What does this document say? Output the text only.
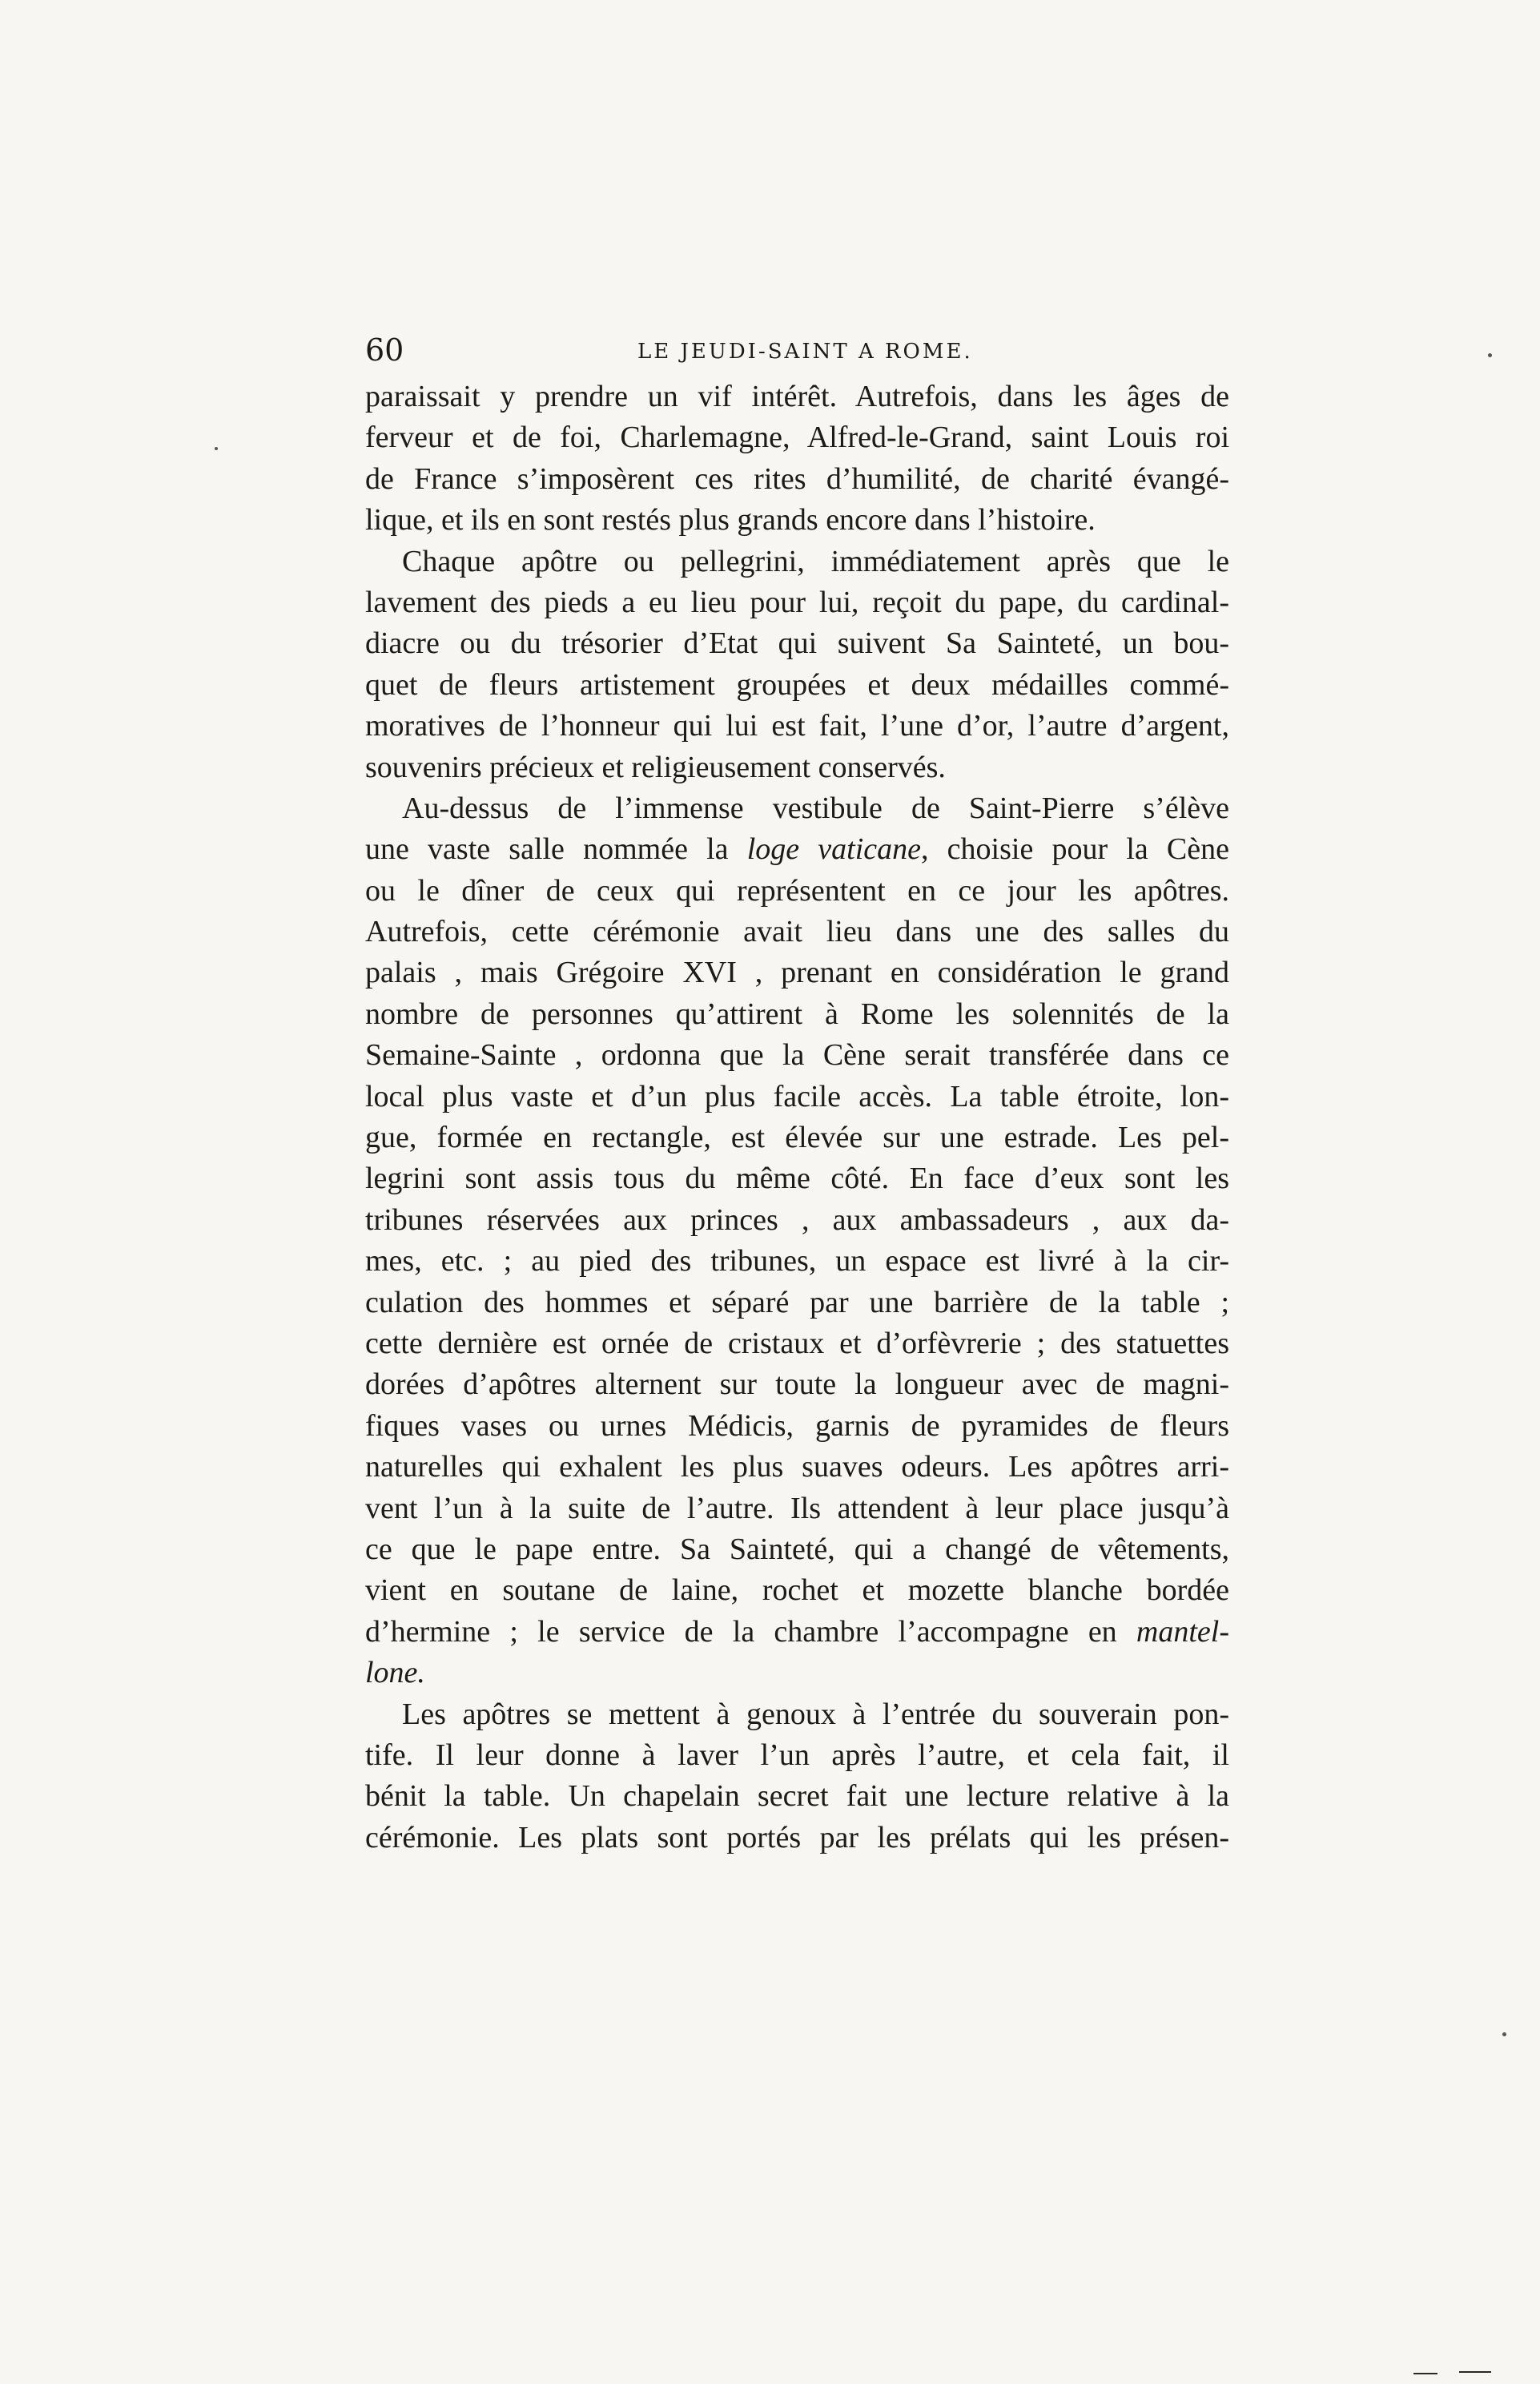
60	LE JEUDI-SAINT A ROME.
paraissait y prendre un vif intérêt. Autrefois, dans les âges de
ferveur et de foi, Charlemagne, Alfred-le-Grand, saint Louis roi
de France s’imposèrent ces rites d’humilité, de charité évangé-
lique, et ils en sont restés plus grands encore dans l’histoire.
Chaque apôtre ou pellegrini, immédiatement après que le
lavement des pieds a eu lieu pour lui, reçoit du pape, du cardinal-
diacre ou du trésorier d’Etat qui suivent Sa Sainteté, un bou-
quet de fleurs artistement groupées et deux médailles commé-
moratives de l’honneur qui lui est fait, l’une d’or, l’autre d’argent,
souvenirs précieux et religieusement conservés.
Au-dessus de l’immense vestibule de Saint-Pierre s’élève
une vaste salle nommée la loge vaticane, choisie pour la Cène
ou le dîner de ceux qui représentent en ce jour les apôtres.
Autrefois, cette cérémonie avait lieu dans une des salles du
palais , mais Grégoire XVI , prenant en considération le grand
nombre de personnes qu’attirent à Rome les solennités de la
Semaine-Sainte , ordonna que la Cène serait transférée dans ce
local plus vaste et d’un plus facile accès. La table étroite, lon-
gue, formée en rectangle, est élevée sur une estrade. Les pel-
legrini sont assis tous du même côté. En face d’eux sont les
tribunes réservées aux princes , aux ambassadeurs , aux da-
mes, etc. ; au pied des tribunes, un espace est livré à la cir-
culation des hommes et séparé par une barrière de la table ;
cette dernière est ornée de cristaux et d’orfèvrerie ; des statuettes
dorées d’apôtres alternent sur toute la longueur avec de magni-
fiques vases ou urnes Médicis, garnis de pyramides de fleurs
naturelles qui exhalent les plus suaves odeurs. Les apôtres arri-
vent l’un à la suite de l’autre. Ils attendent à leur place jusqu’à
ce que le pape entre. Sa Sainteté, qui a changé de vêtements,
vient en soutane de laine, rochet et mozette blanche bordée
d’hermine ; le service de la chambre l’accompagne en mantel-
lone.
Les apôtres se mettent à genoux à l’entrée du souverain pon-
tife. Il leur donne à laver l’un après l’autre, et cela fait, il
bénit la table. Un chapelain secret fait une lecture relative à la
cérémonie. Les plats sont portés par les prélats qui les présen-
